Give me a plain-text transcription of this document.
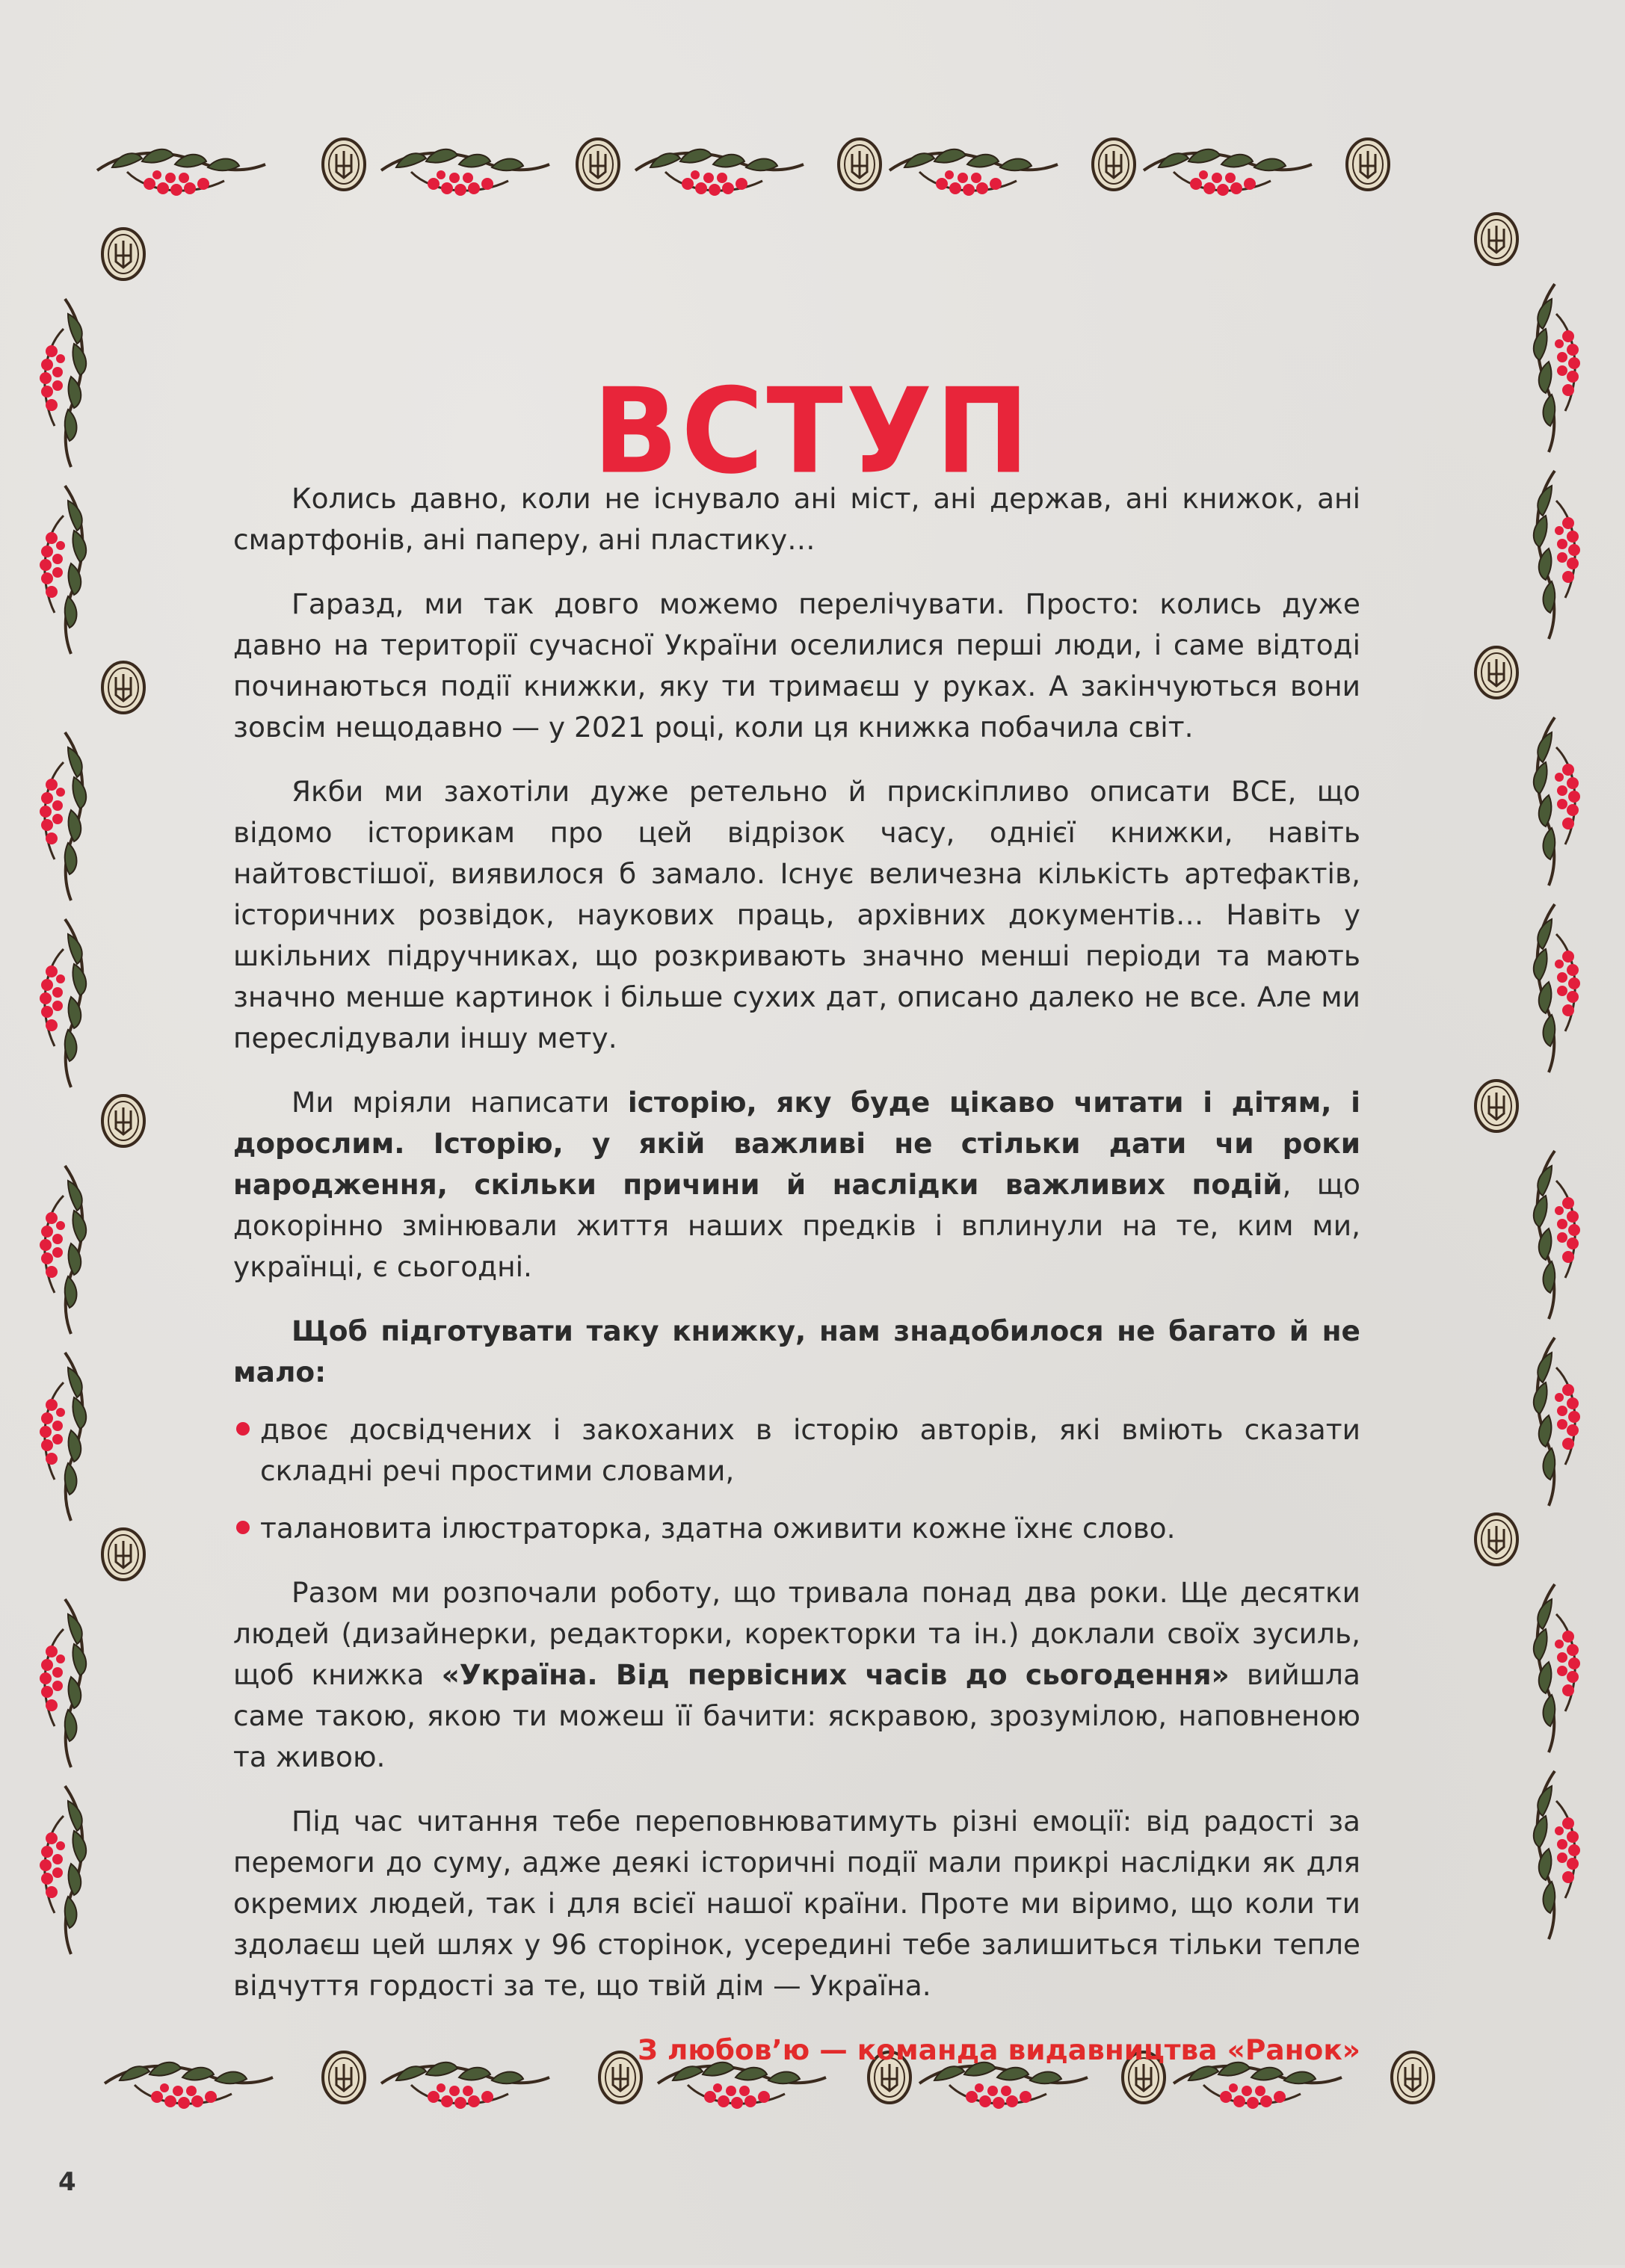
ВСТУП

Колись давно, коли не існувало ані міст, ані держав, ані книжок, ані смартфонів, ані паперу, ані пластику…

Гаразд, ми так довго можемо перелічувати. Просто: колись дуже давно на території сучасної України оселилися перші люди, і саме відтоді починаються події книжки, яку ти тримаєш у руках. А закінчуються вони зовсім нещодавно — у 2021 році, коли ця книжка побачила світ.

Якби ми захотіли дуже ретельно й прискіпливо описати ВСЕ, що відомо історикам про цей відрізок часу, однієї книжки, навіть найтовстішої, виявилося б замало. Існує величезна кількість артефактів, історичних розвідок, наукових праць, архівних документів… Навіть у шкільних підручниках, що розкривають значно менші періоди та мають значно менше картинок і більше сухих дат, описано далеко не все. Але ми переслідували іншу мету.

Ми мріяли написати історію, яку буде цікаво читати і дітям, і дорослим. Історію, у якій важливі не стільки дати чи роки народження, скільки причини й наслідки важливих подій, що докорінно змінювали життя наших предків і вплинули на те, ким ми, українці, є сьогодні.

Щоб підготувати таку книжку, нам знадобилося не багато й не мало:

двоє досвідчених і закоханих в історію авторів, які вміють сказати складні речі простими словами,
талановита ілюстраторка, здатна оживити кожне їхнє слово.

Разом ми розпочали роботу, що тривала понад два роки. Ще десятки людей (дизайнерки, редакторки, коректорки та ін.) доклали своїх зусиль, щоб книжка «Україна. Від первісних часів до сьогодення» вийшла саме такою, якою ти можеш її бачити: яскравою, зрозумілою, наповненою та живою.

Під час читання тебе переповнюватимуть різні емоції: від радості за перемоги до суму, адже деякі історичні події мали прикрі наслідки як для окремих людей, так і для всієї нашої країни. Проте ми віримо, що коли ти здолаєш цей шлях у 96 сторінок, усередині тебе залишиться тільки тепле відчуття гордості за те, що твій дім — Україна.

З любов’ю — команда видавництва «Ранок»

4
